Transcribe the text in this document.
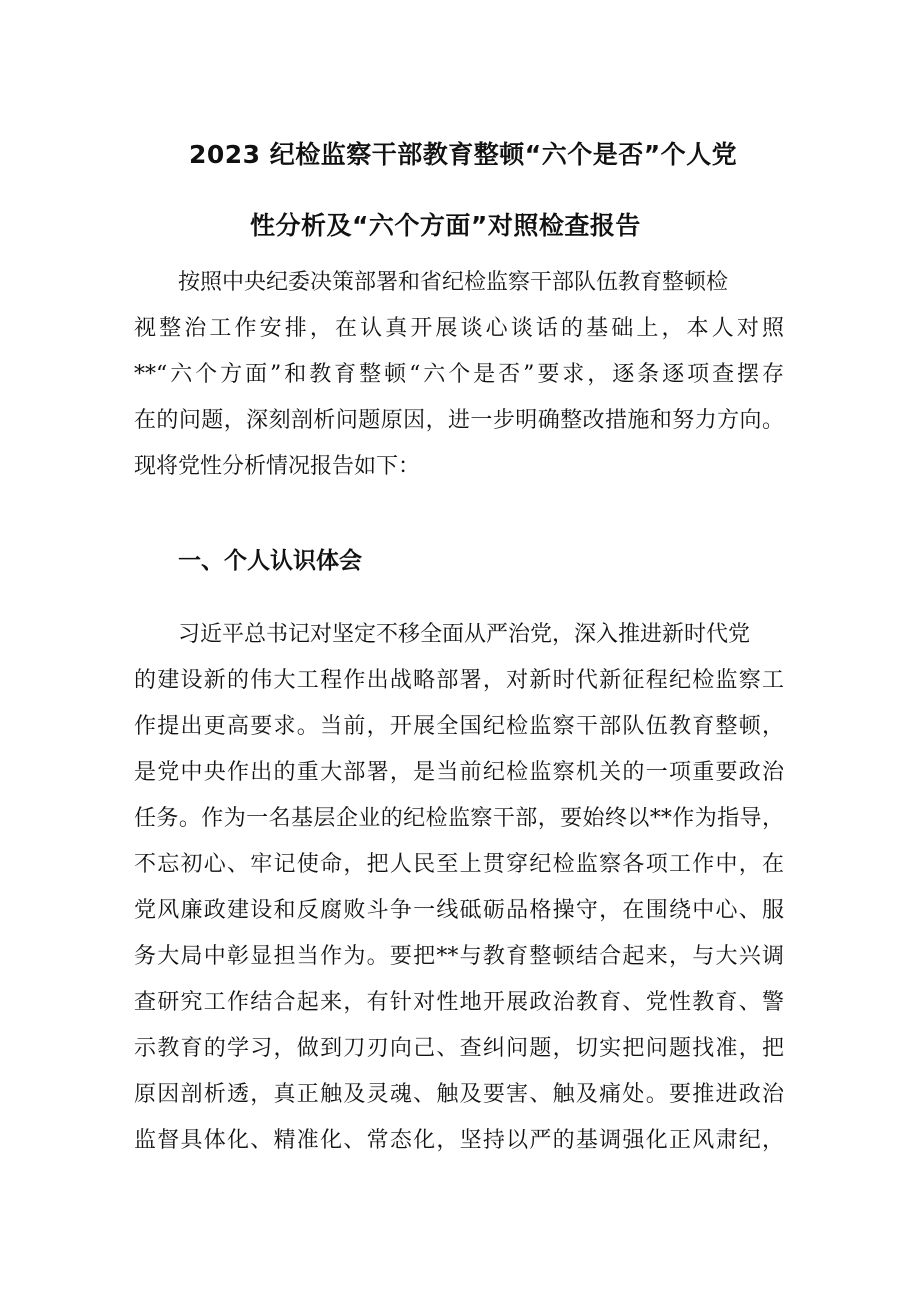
2023 纪检监察干部教育整顿“六个是否”个人党
性分析及“六个方面”对照检查报告
按照中央纪委决策部署和省纪检监察干部队伍教育整顿检
视整治工作安排，在认真开展谈心谈话的基础上，本人对照
**“六个方面”和教育整顿“六个是否”要求，逐条逐项查摆存
在的问题，深刻剖析问题原因，进一步明确整改措施和努力方向。
现将党性分析情况报告如下：
一、个人认识体会
习近平总书记对坚定不移全面从严治党，深入推进新时代党
的建设新的伟大工程作出战略部署，对新时代新征程纪检监察工
作提出更高要求。当前，开展全国纪检监察干部队伍教育整顿，
是党中央作出的重大部署，是当前纪检监察机关的一项重要政治
任务。作为一名基层企业的纪检监察干部，要始终以**作为指导，
不忘初心、牢记使命，把人民至上贯穿纪检监察各项工作中，在
党风廉政建设和反腐败斗争一线砥砺品格操守，在围绕中心、服
务大局中彰显担当作为。要把**与教育整顿结合起来，与大兴调
查研究工作结合起来，有针对性地开展政治教育、党性教育、警
示教育的学习，做到刀刃向己、查纠问题，切实把问题找准，把
原因剖析透，真正触及灵魂、触及要害、触及痛处。要推进政治
监督具体化、精准化、常态化，坚持以严的基调强化正风肃纪，
